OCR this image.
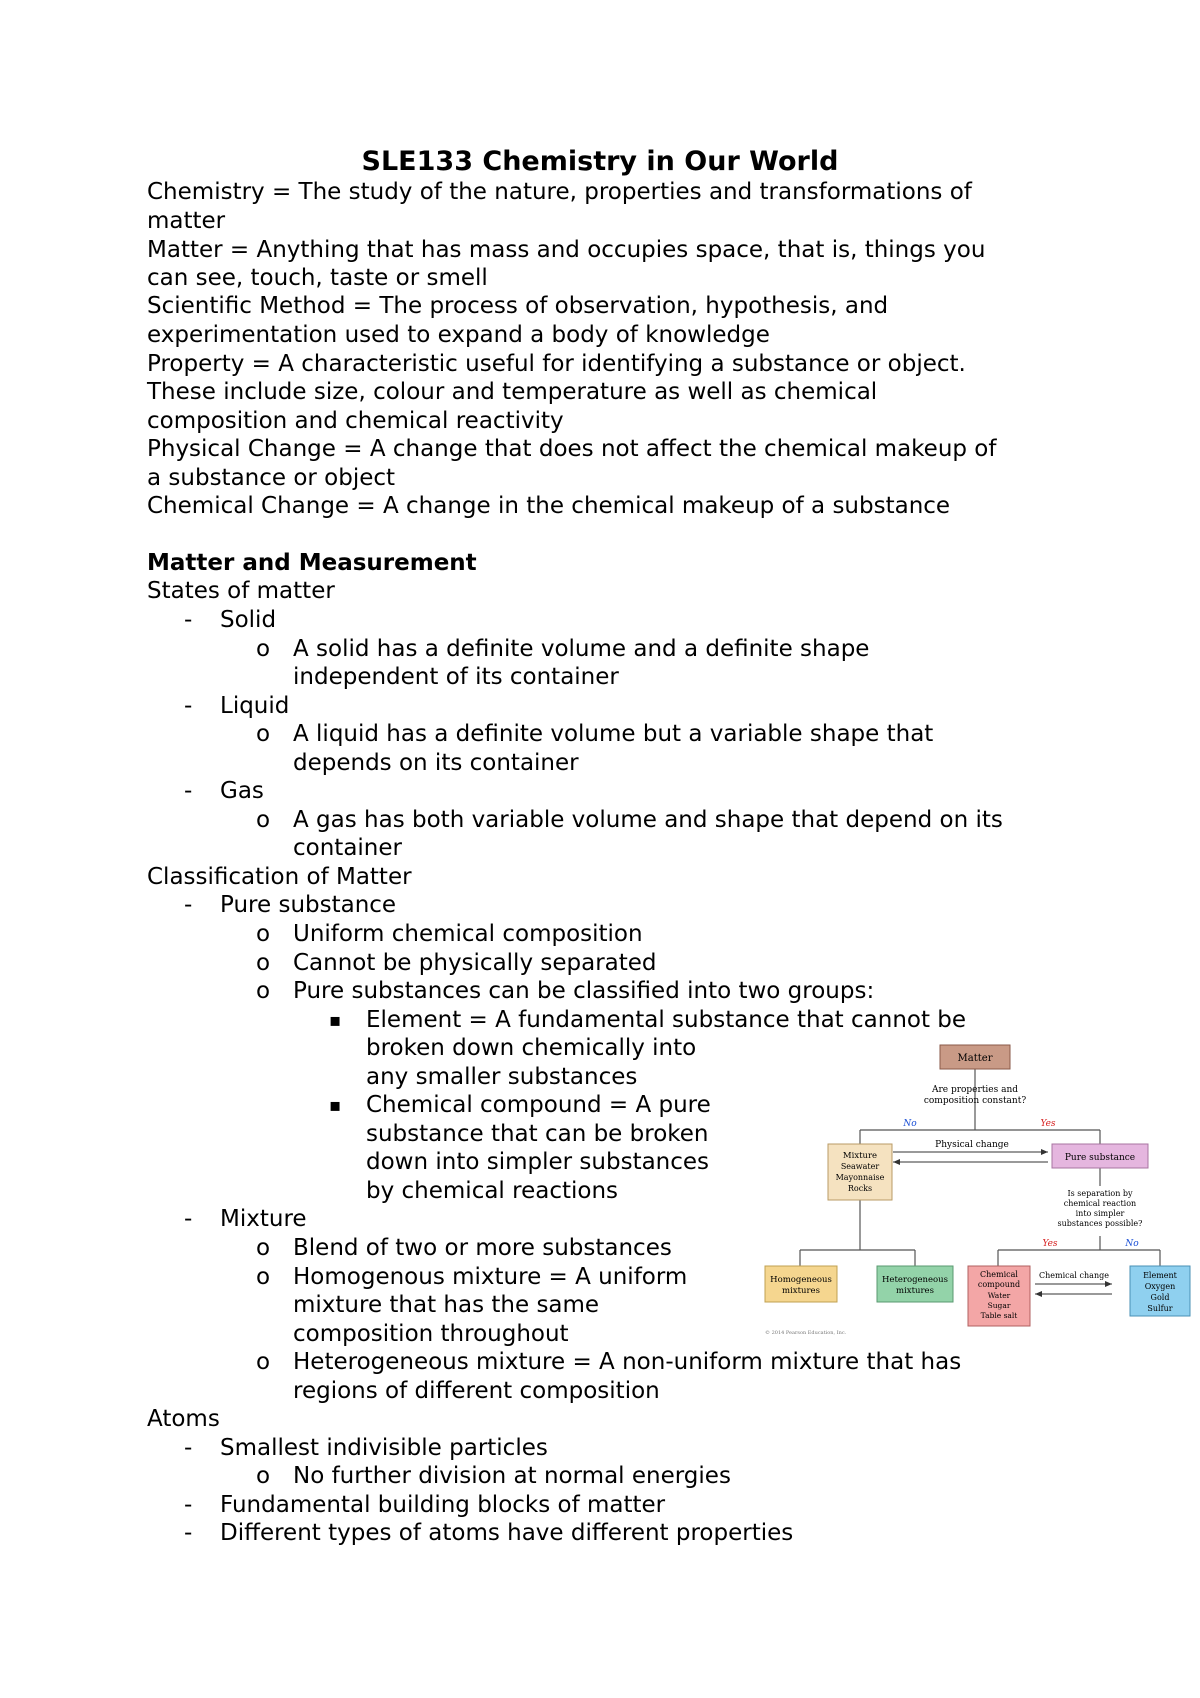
SLE133 Chemistry in Our World
Chemistry = The study of the nature, properties and transformations of
matter
Matter = Anything that has mass and occupies space, that is, things you
can see, touch, taste or smell
Scientific Method = The process of observation, hypothesis, and
experimentation used to expand a body of knowledge
Property = A characteristic useful for identifying a substance or object.
These include size, colour and temperature as well as chemical
composition and chemical reactivity
Physical Change = A change that does not affect the chemical makeup of
a substance or object
Chemical Change = A change in the chemical makeup of a substance
Matter and Measurement
States of matter
- Solid
o A solid has a definite volume and a definite shape
independent of its container
- Liquid
o A liquid has a definite volume but a variable shape that
depends on its container
- Gas
o A gas has both variable volume and shape that depend on its
container
Classification of Matter
- Pure substance
o Uniform chemical composition
o Cannot be physically separated
o Pure substances can be classified into two groups:
▪ Element = A fundamental substance that cannot be
broken down chemically into
any smaller substances
▪ Chemical compound = A pure
substance that can be broken
down into simpler substances
by chemical reactions
- Mixture
o Blend of two or more substances
o Homogenous mixture = A uniform
mixture that has the same
composition throughout
o Heterogeneous mixture = A non-uniform mixture that has
regions of different composition
Atoms
- Smallest indivisible particles
o No further division at normal energies
- Fundamental building blocks of matter
- Different types of atoms have different properties
Matter
Are properties and
composition constant?
No	Yes
Physical change
Mixture
Seawater
Mayonnaise
Rocks
Pure substance
Is separation by
chemical reaction
into simpler
substances possible?
Yes	No
Homogeneous
mixtures
Heterogeneous
mixtures
Chemical
compound
Water
Sugar
Table salt
Chemical change	Element
Oxygen
Gold
Sulfur
© 2014 Pearson Education, Inc.
